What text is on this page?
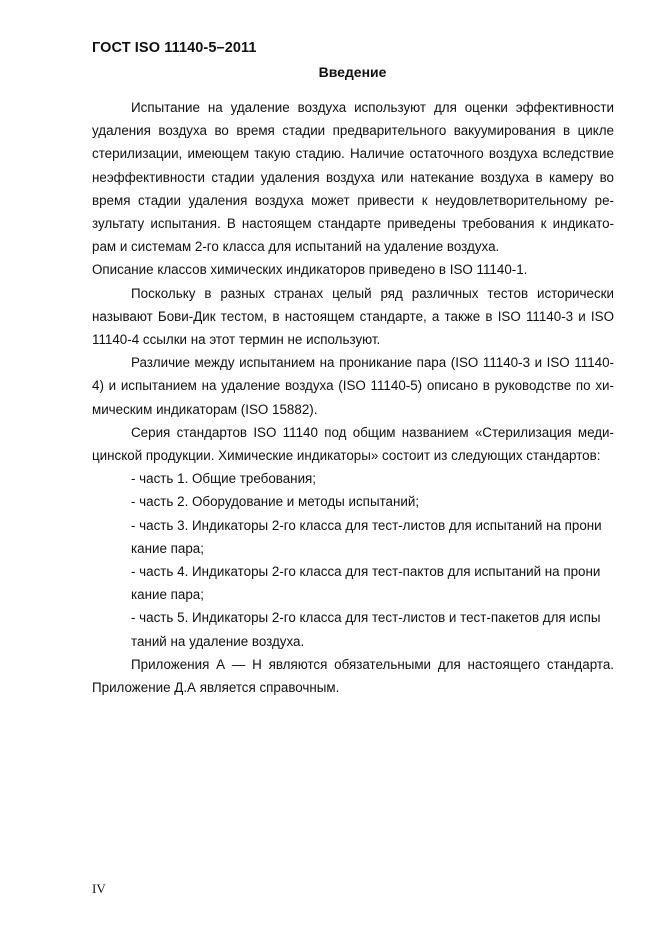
ГОСТ ISO 11140-5–2011
Введение

Испытание на удаление воздуха используют для оценки эффективности удаления воздуха во время стадии предварительного вакуумирования в цикле стерилизации, имеющем такую стадию. Наличие остаточного воздуха вследствие неэффективности стадии удаления воздуха или натекание воздуха в камеру во время стадии удаления воздуха может привести к неудовлетворительному результату испытания. В настоящем стандарте приведены требования к индикаторам и системам 2-го класса для испытаний на удаление воздуха.

Описание классов химических индикаторов приведено в ISO 11140-1.

Поскольку в разных странах целый ряд различных тестов исторически называют Бови-Дик тестом, в настоящем стандарте, а также в ISO 11140-3 и ISO 11140-4 ссылки на этот термин не используют.

Различие между испытанием на проникание пара (ISO 11140-3 и ISO 11140-4) и испытанием на удаление воздуха (ISO 11140-5) описано в руководстве по химическим индикаторам (ISO 15882).

Серия стандартов ISO 11140 под общим названием «Стерилизация медицинской продукции. Химические индикаторы» состоит из следующих стандартов:

- часть 1. Общие требования;

- часть 2. Оборудование и методы испытаний;

- часть 3. Индикаторы 2-го класса для тест-листов для испытаний на прони

кание пара;

- часть 4. Индикаторы 2-го класса для тест-пактов для испытаний на прони

кание пара;

- часть 5. Индикаторы 2-го класса для тест-листов и тест-пакетов для испы

таний на удаление воздуха.

Приложения А — Н являются обязательными для настоящего стандарта. Приложение Д.А является справочным.

IV
